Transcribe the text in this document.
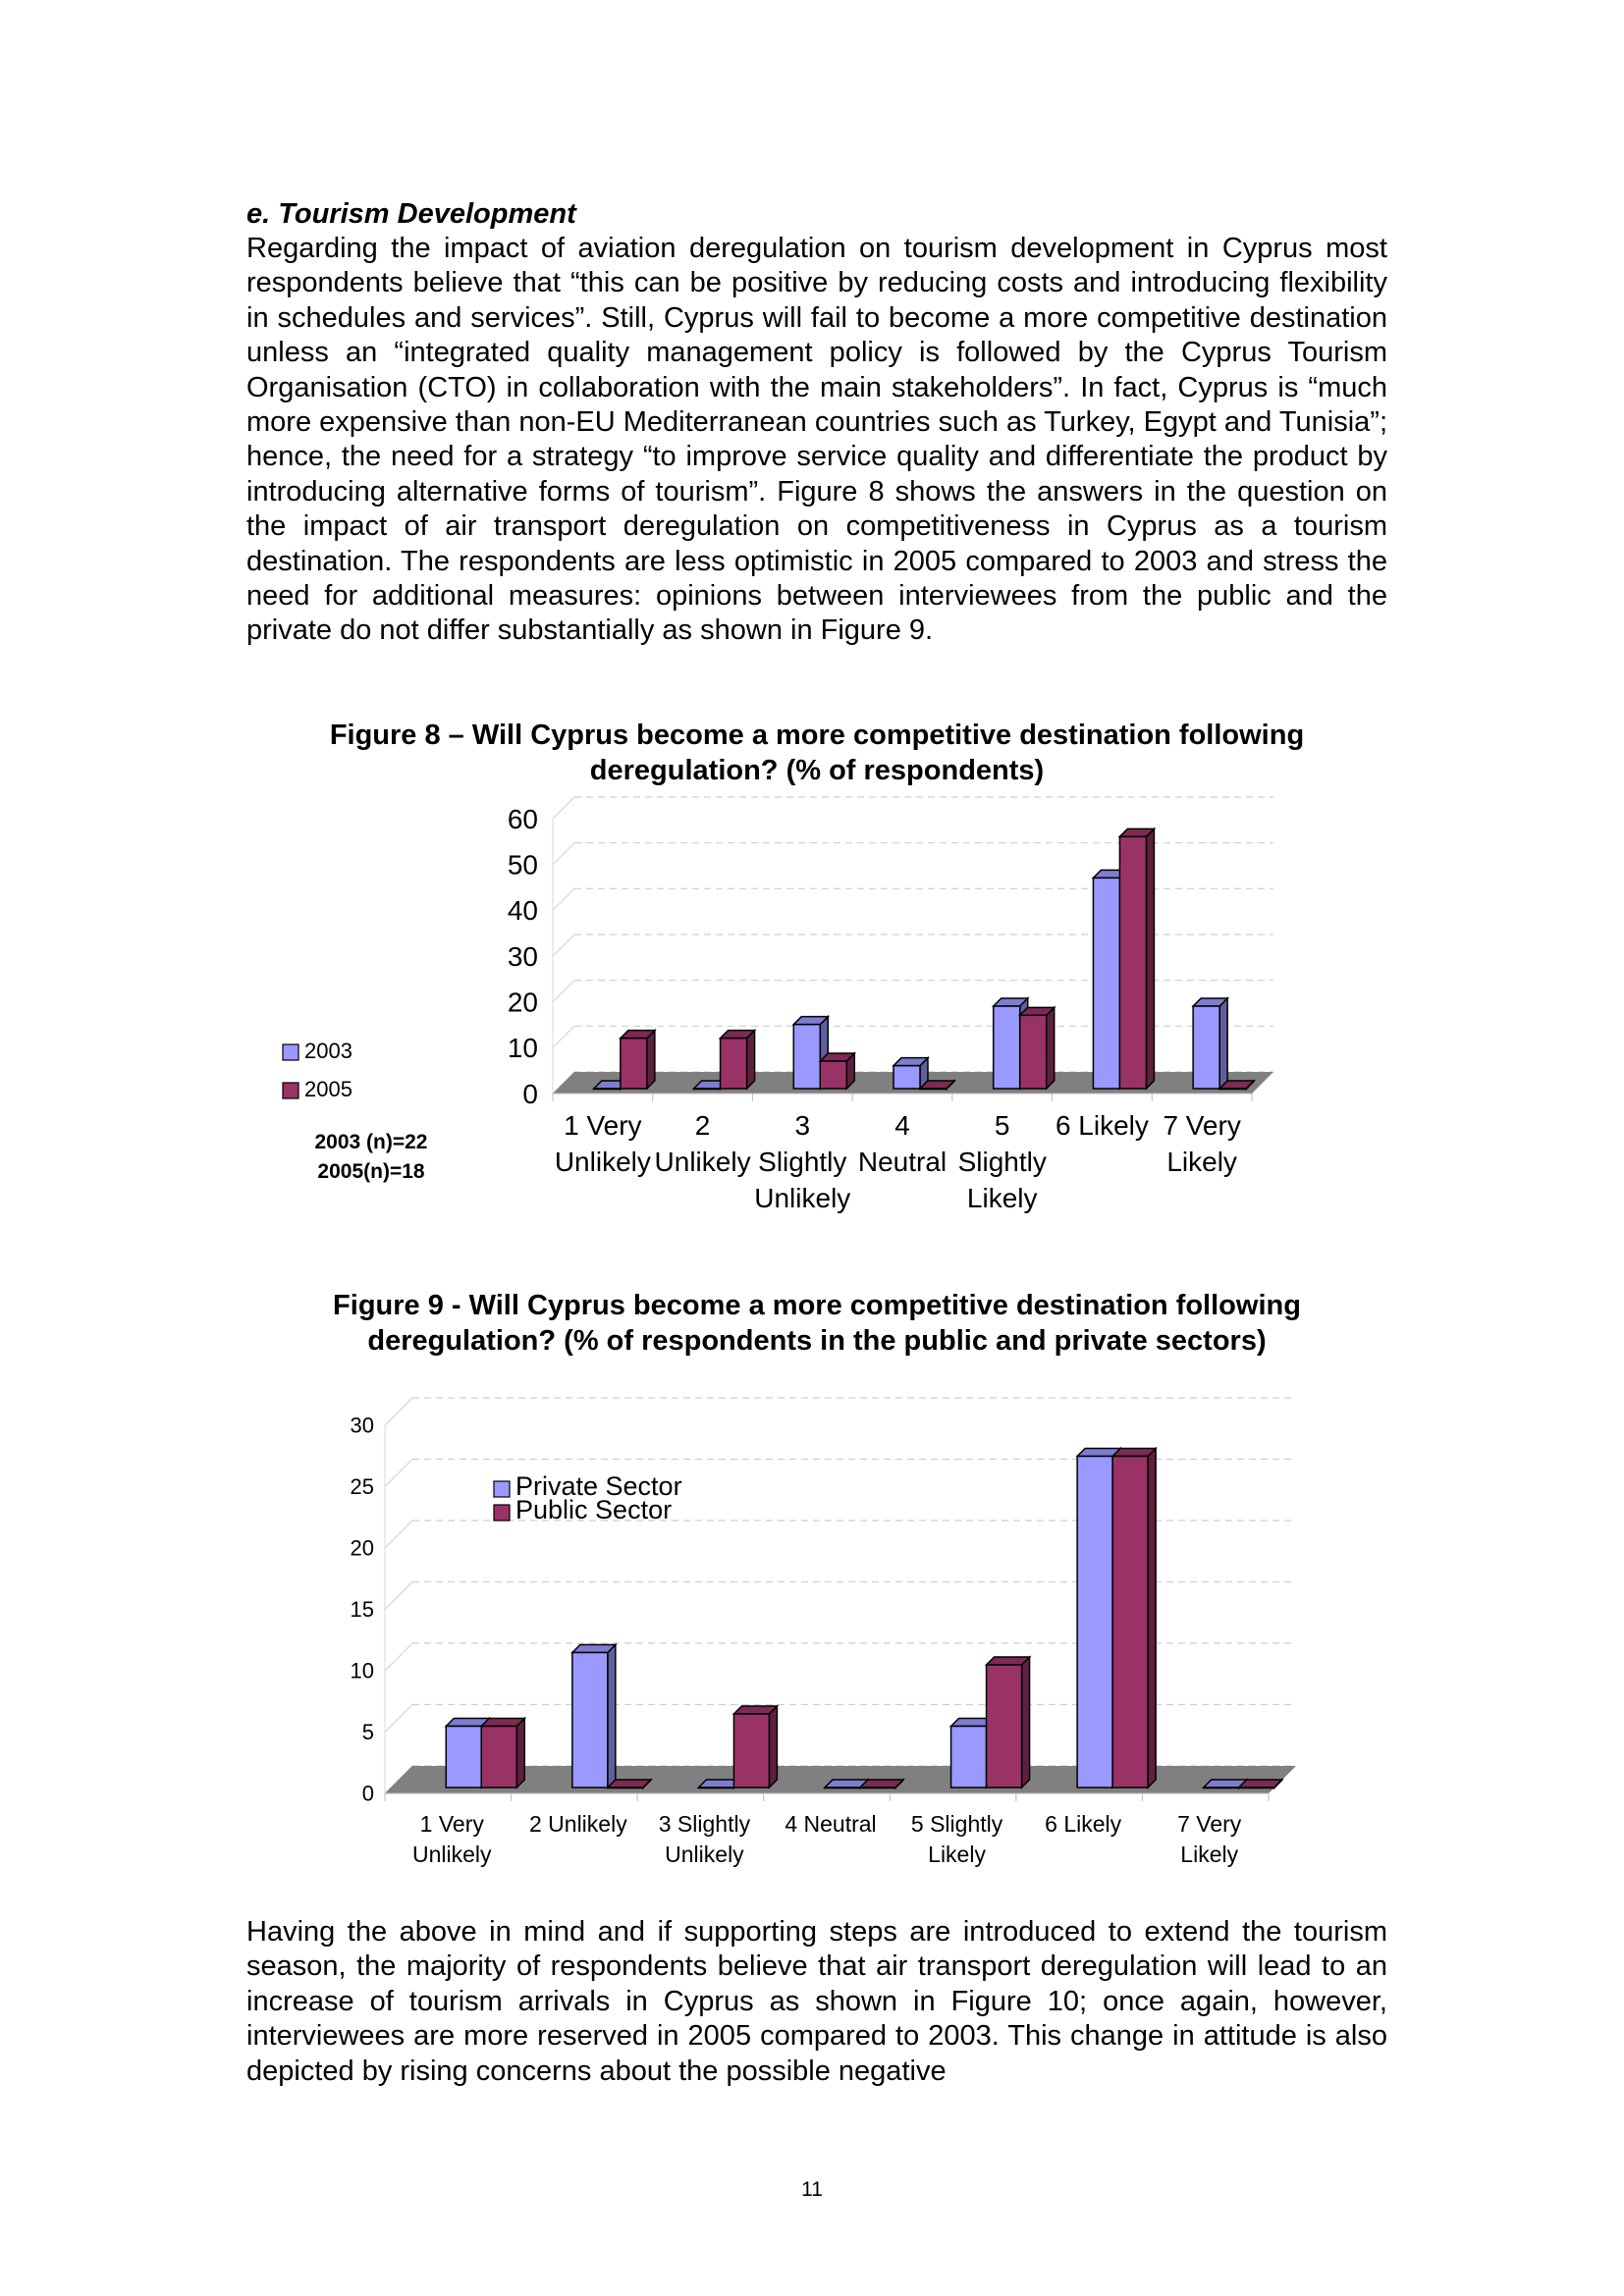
e. Tourism Development

Regarding the impact of aviation deregulation on tourism development in Cyprus most respondents believe that “this can be positive by reducing costs and introducing flexibility in schedules and services”. Still, Cyprus will fail to become a more competitive destination unless an “integrated quality management policy is followed by the Cyprus Tourism Organisation (CTO) in collaboration with the main stakeholders”. In fact, Cyprus is “much more expensive than non-EU Mediterranean countries such as Turkey, Egypt and Tunisia”; hence, the need for a strategy “to improve service quality and differentiate the product by introducing alternative forms of tourism”. Figure 8 shows the answers in the question on the impact of air transport deregulation on competitiveness in Cyprus as a tourism destination. The respondents are less optimistic in 2005 compared to 2003 and stress the need for additional measures: opinions between interviewees from the public and the private do not differ substantially as shown in Figure 9.

Figure 8 – Will Cyprus become a more competitive destination following deregulation? (% of respondents)

0
10
20
30
40
50
60
1 Very Unlikely
2 Unlikely
3 Slightly Unlikely
4 Neutral
5 Slightly Likely
6 Likely 7 Very Likely
2003
2005
2003 (n)=22
2005(n)=18

Figure 9 - Will Cyprus become a more competitive destination following deregulation? (% of respondents in the public and private sectors)

0
5
10
15
20
25
30
1 Very Unlikely
2 Unlikely 3 Slightly Unlikely
4 Neutral 5 Slightly Likely
6 Likely 7 Very Likely
Private Sector
Public Sector

Having the above in mind and if supporting steps are introduced to extend the tourism season, the majority of respondents believe that air transport deregulation will lead to an increase of tourism arrivals in Cyprus as shown in Figure 10; once again, however, interviewees are more reserved in 2005 compared to 2003. This change in attitude is also depicted by rising concerns about the possible negative

11
